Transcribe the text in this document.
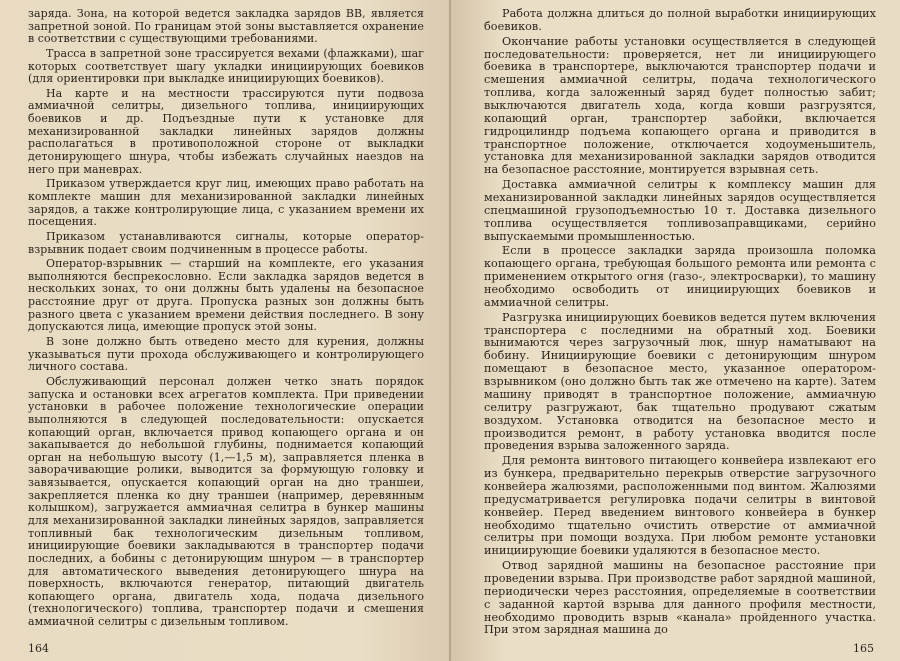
заряда. Зона, на которой ведется закладка зарядов ВВ, является запретной зоной. По границам этой зоны выставляется охранение в соответствии с существующими требованиями.

Трасса в запретной зоне трассируется вехами (флажками), шаг которых соответствует шагу укладки инициирующих боевиков (для ориентировки при выкладке инициирующих боевиков).

На карте и на местности трассируются пути подвоза аммиачной селитры, дизельного топлива, инициирующих боевиков и др. Подъездные пути к установке для механизированной закладки линейных зарядов должны располагаться в противоположной стороне от выкладки детонирующего шнура, чтобы избежать случайных наездов на него при маневрах.

Приказом утверждается круг лиц, имеющих право работать на комплекте машин для механизированной закладки линейных зарядов, а также контролирующие лица, с указанием времени их посещения.

Приказом устанавливаются сигналы, которые оператор-взрывник подает своим подчиненным в процессе работы.

Оператор-взрывник — старший на комплекте, его указания выполняются беспрекословно. Если закладка зарядов ведется в нескольких зонах, то они должны быть удалены на безопасное расстояние друг от друга. Пропуска разных зон должны быть разного цвета с указанием времени действия последнего. В зону допускаются лица, имеющие пропуск этой зоны.

В зоне должно быть отведено место для курения, должны указываться пути прохода обслуживающего и контролирующего личного состава.

Обслуживающий персонал должен четко знать порядок запуска и остановки всех агрегатов комплекта. При приведении установки в рабочее положение технологические операции выполняются в следующей последовательности: опускается копающий орган, включается привод копающего органа и он закапывается до небольшой глубины, поднимается копающий орган на небольшую высоту (1,—1,5 м), заправляется пленка в заворачивающие ролики, выводится за формующую головку и завязывается, опускается копающий орган на дно траншеи, закрепляется пленка ко дну траншеи (например, деревянным колышком), загружается аммиачная селитра в бункер машины для механизированной закладки линейных зарядов, заправляется топливный бак технологическим дизельным топливом, инициирующие боевики закладываются в транспортер подачи последних, а бобины с детонирующим шнуром — в транспортер для автоматического выведения детонирующего шнура на поверхность, включаются генератор, питающий двигатель копающего органа, двигатель хода, подача дизельного (технологического) топлива, транспортер подачи и смешения аммиачной селитры с дизельным топливом.

164

Работа должна длиться до полной выработки инициирующих боевиков.

Окончание работы установки осуществляется в следующей последовательности: проверяется, нет ли инициирующего боевика в транспортере, выключаются транспортер подачи и смешения аммиачной селитры, подача технологического топлива, когда заложенный заряд будет полностью забит; выключаются двигатель хода, когда ковши разгрузятся, копающий орган, транспортер забойки, включается гидроцилиндр подъема копающего органа и приводится в транспортное положение, отключается ходоуменьшитель, установка для механизированной закладки зарядов отводится на безопасное расстояние, монтируется взрывная сеть.

Доставка аммиачной селитры к комплексу машин для механизированной закладки линейных зарядов осуществляется спецмашиной грузоподъемностью 10 т. Доставка дизельного топлива осуществляется топливозаправщиками, серийно выпускаемыми промышленностью.

Если в процессе закладки заряда произошла поломка копающего органа, требующая большого ремонта или ремонта с применением открытого огня (газо-, электросварки), то машину необходимо освободить от инициирующих боевиков и аммиачной селитры.

Разгрузка инициирующих боевиков ведется путем включения транспортера с последними на обратный ход. Боевики вынимаются через загрузочный люк, шнур наматывают на бобину. Инициирующие боевики с детонирующим шнуром помещают в безопасное место, указанное оператором-взрывником (оно должно быть так же отмечено на карте). Затем машину приводят в транспортное положение, аммиачную селитру разгружают, бак тщательно продувают сжатым воздухом. Установка отводится на безопасное место и производится ремонт, в работу установка вводится после проведения взрыва заложенного заряда.

Для ремонта винтового питающего конвейера извлекают его из бункера, предварительно перекрыв отверстие загрузочного конвейера жалюзями, расположенными под винтом. Жалюзями предусматривается регулировка подачи селитры в винтовой конвейер. Перед введением винтового конвейера в бункер необходимо тщательно очистить отверстие от аммиачной селитры при помощи воздуха. При любом ремонте установки инициирующие боевики удаляются в безопасное место.

Отвод зарядной машины на безопасное расстояние при проведении взрыва. При производстве работ зарядной машиной, периодически через расстояния, определяемые в соответствии с заданной картой взрыва для данного профиля местности, необходимо проводить взрыв «канала» пройденного участка. При этом зарядная машина до

165
